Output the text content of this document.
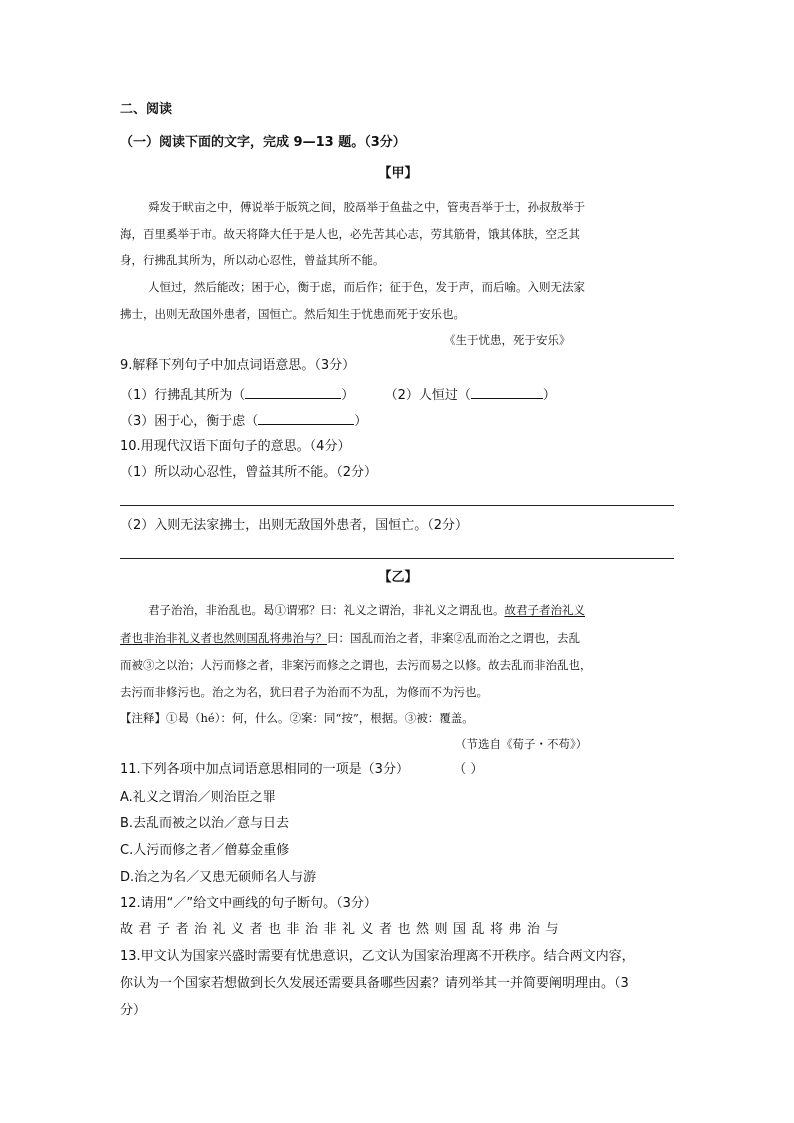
二、阅读
（一）阅读下面的文字，完成 9—13 题。（3分）
【甲】
舜发于畎亩之中，傅说举于版筑之间，胶鬲举于鱼盐之中，管夷吾举于士，孙叔敖举于
海，百里奚举于市。故天将降大任于是人也，必先苦其心志，劳其筋骨，饿其体肤，空乏其
身，行拂乱其所为，所以动心忍性，曾益其所不能。
人恒过，然后能改；困于心，衡于虑，而后作；征于色，发于声，而后喻。入则无法家
拂士，出则无敌国外患者，国恒亡。然后知生于忧患而死于安乐也。
《生于忧患，死于安乐》
9.解释下列句子中加点词语意思。（3分）
（1）行拂乱其所为（	） （2）人恒过（	）
（3）困于心，衡于虑（	）
10.用现代汉语下面句子的意思。（4分）
（1）所以动心忍性，曾益其所不能。（2分）
（2）入则无法家拂士，出则无敌国外患者，国恒亡。（2分）
【乙】
君子治治，非治乱也。曷①谓邪？曰：礼义之谓治，非礼义之谓乱也。故君子者治礼义
者也非治非礼义者也然则国乱将弗治与？曰：国乱而治之者，非案②乱而治之之谓也，去乱
而被③之以治；人污而修之者，非案污而修之之谓也，去污而易之以修。故去乱而非治乱也，
去污而非修污也。治之为名，犹曰君子为治而不为乱，为修而不为污也。
【注释】①曷（hé）：何，什么。②案：同“按”，根据。③被：覆盖。
（节选自《荀子・不苟》）
11.下列各项中加点词语意思相同的一项是（3分）	（ ）
A.礼义之谓治／则治臣之罪
B.去乱而被之以治／意与日去
C.人污而修之者／僧募金重修
D.治之为名／又患无硕师名人与游
12.请用“／”给文中画线的句子断句。（3分）
故君子者治礼义者也非治非礼义者也然则国乱将弗治与
13.甲文认为国家兴盛时需要有忧患意识，乙文认为国家治理离不开秩序。结合两文内容，
你认为一个国家若想做到长久发展还需要具备哪些因素？请列举其一并简要阐明理由。（3
分）
